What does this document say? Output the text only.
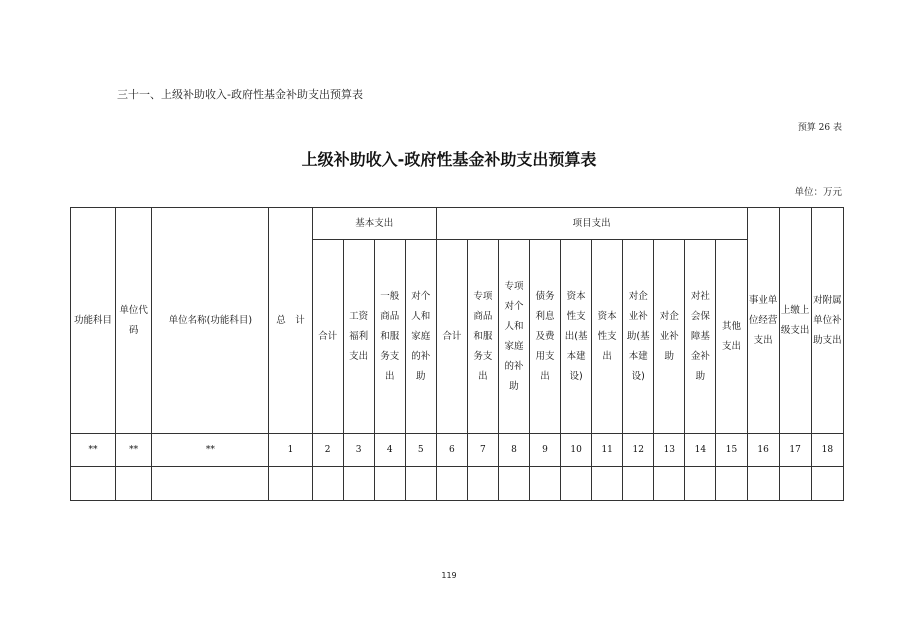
三十一、上级补助收入-政府性基金补助支出预算表
预算 26 表
上级补助收入-政府性基金补助支出预算表
单位：万元
功能科目	单位代码	单位名称(功能科目)	总　计	基本支出				项目支出										事业单位经营支出	上缴上级支出	对附属单位补助支出
				合计	工资福利支出	一般商品和服务支出	对个人和家庭的补助	合计	专项商品和服务支出	专项对个人和家庭的补助	债务利息及费用支出	资本性支出(基本建设)	资本性支出	对企业补助(基本建设)	对企业补助	对社会保障基金补助	其他支出			
**	**	**	1	2	3	4	5	6	7	8	9	10	11	12	13	14	15	16	17	18

119
